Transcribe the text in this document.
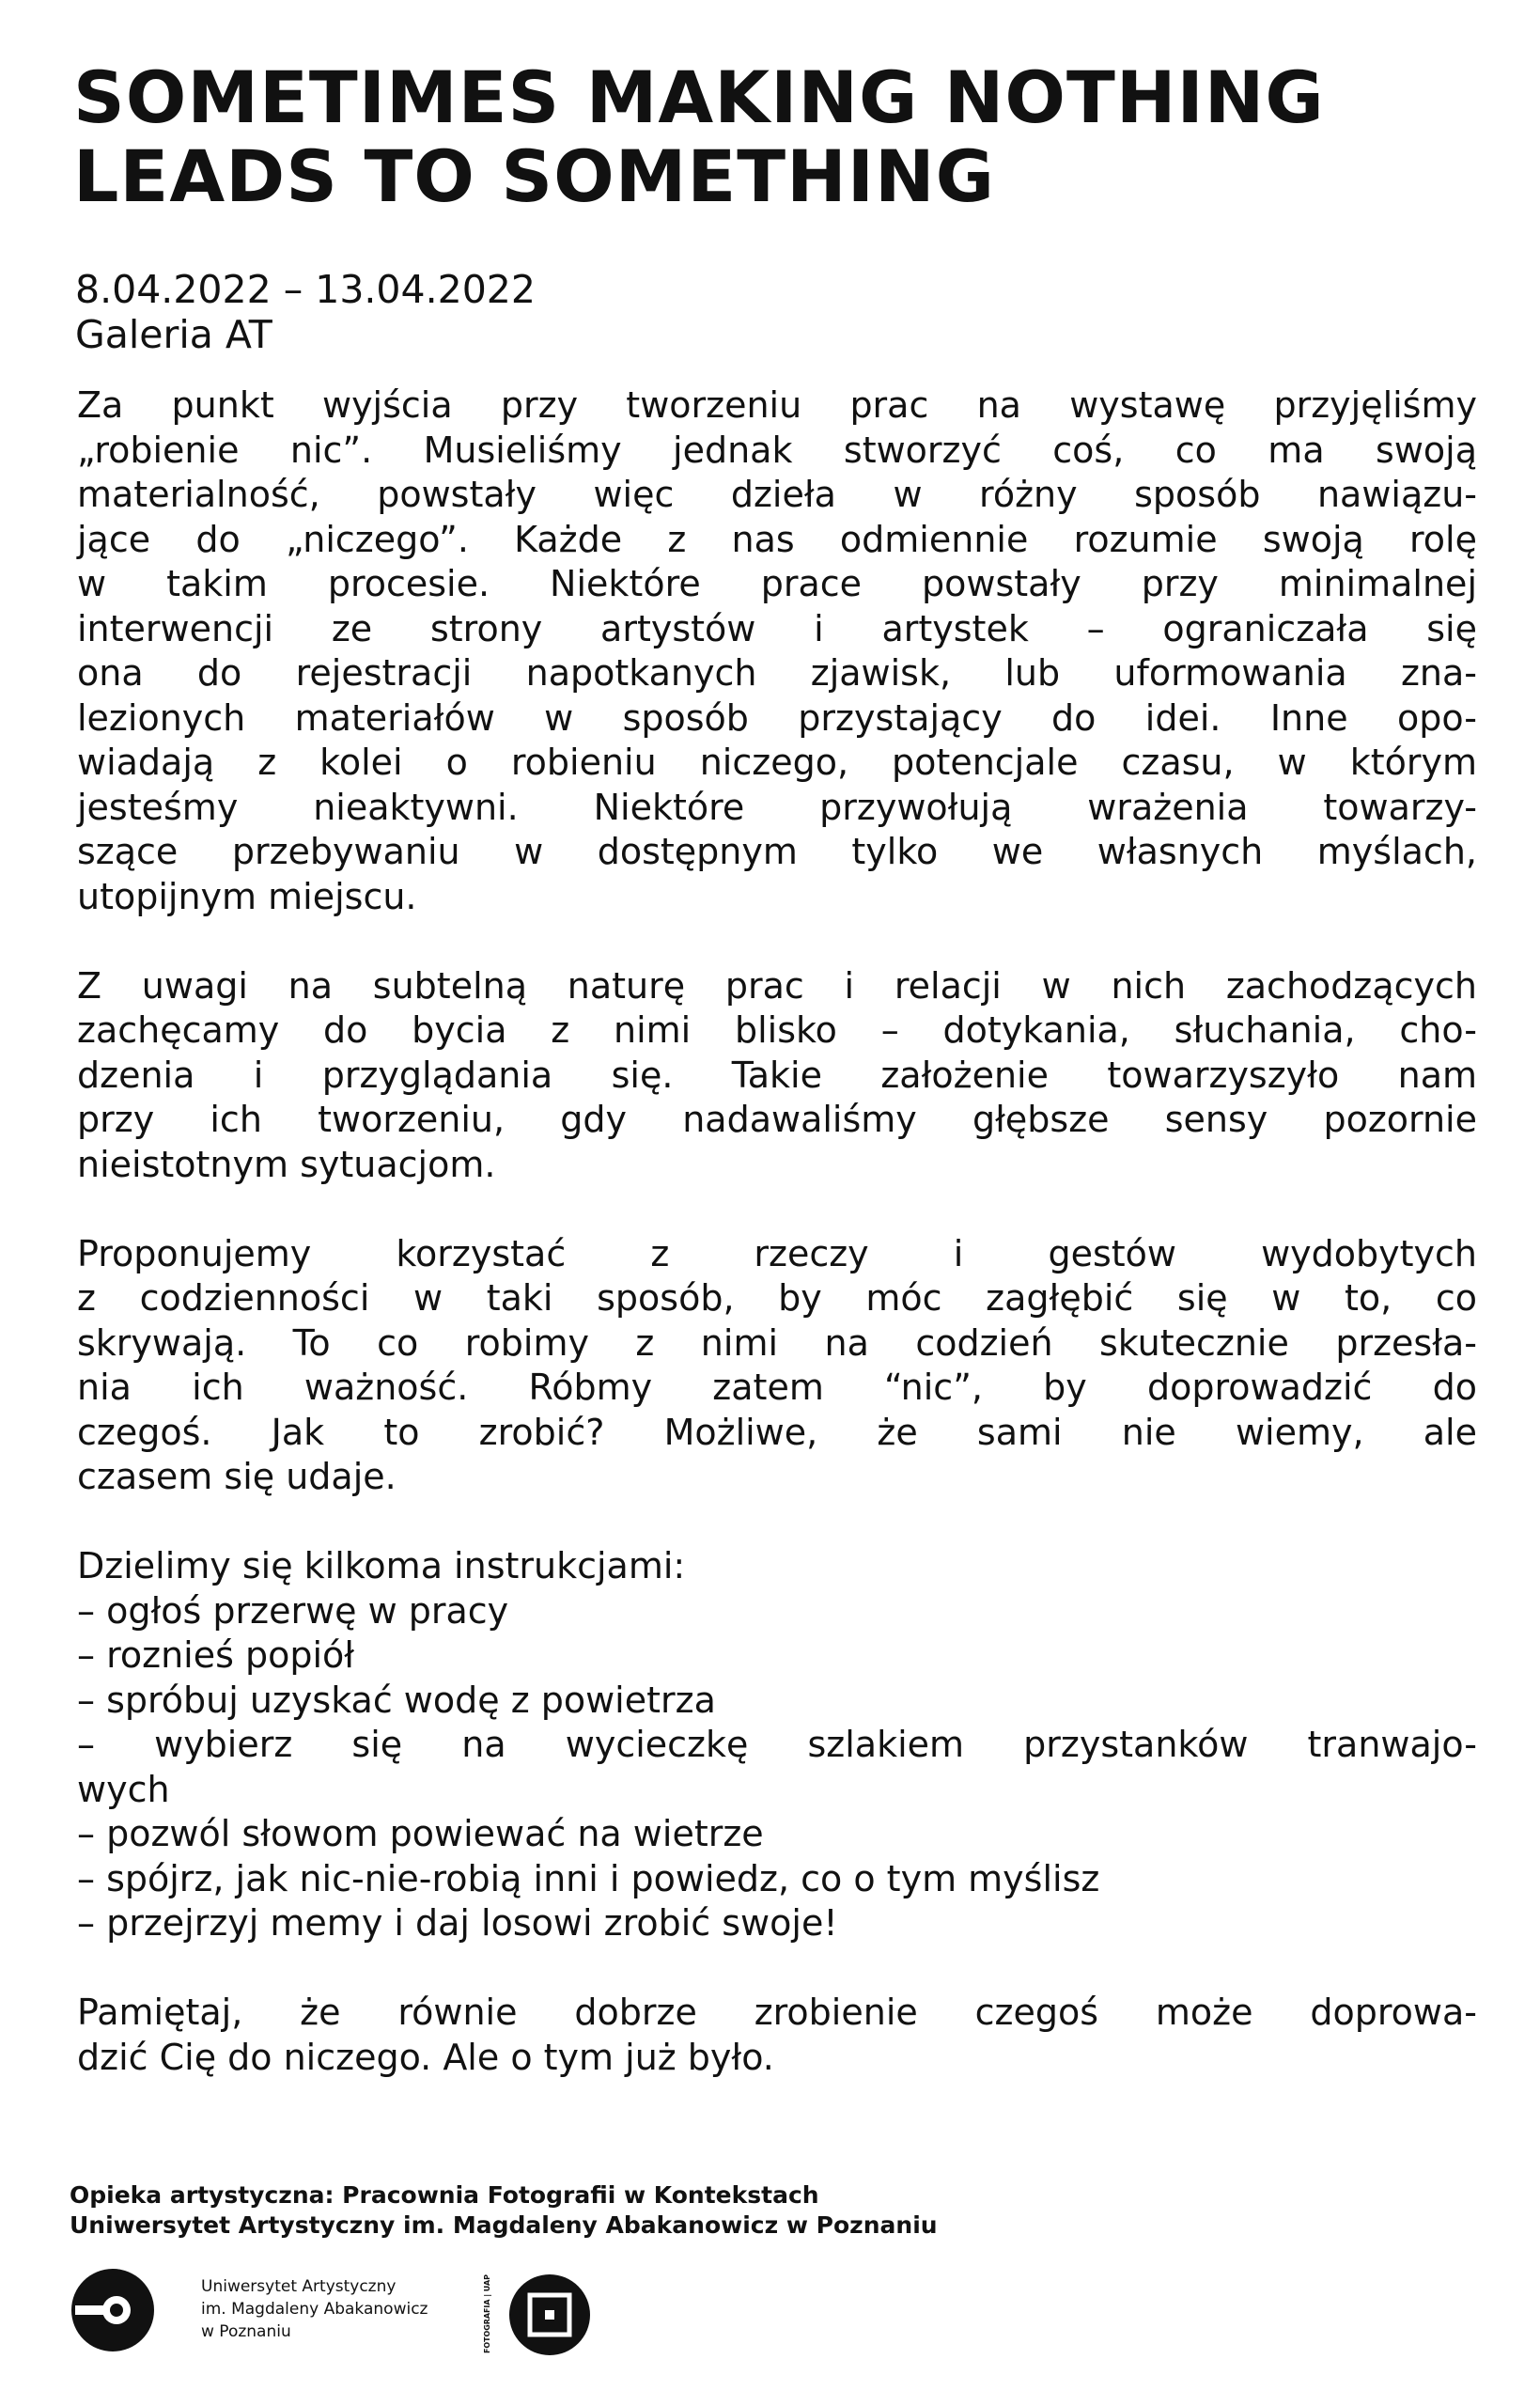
SOMETIMES MAKING NOTHING
LEADS TO SOMETHING
8.04.2022 – 13.04.2022
Galeria AT

Za punkt wyjścia przy tworzeniu prac na wystawę przyjęliśmy
„robienie nic”. Musieliśmy jednak stworzyć coś, co ma swoją
materialność, powstały więc dzieła w różny sposób nawiązu-
jące do „niczego”. Każde z nas odmiennie rozumie swoją rolę
w takim procesie. Niektóre prace powstały przy minimalnej
interwencji ze strony artystów i artystek – ograniczała się
ona do rejestracji napotkanych zjawisk, lub uformowania zna-
lezionych materiałów w sposób przystający do idei. Inne opo-
wiadają z kolei o robieniu niczego, potencjale czasu, w którym
jesteśmy nieaktywni. Niektóre przywołują wrażenia towarzy-
szące przebywaniu w dostępnym tylko we własnych myślach,
utopijnym miejscu.

Z uwagi na subtelną naturę prac i relacji w nich zachodzących
zachęcamy do bycia z nimi blisko – dotykania, słuchania, cho-
dzenia i przyglądania się. Takie założenie towarzyszyło nam
przy ich tworzeniu, gdy nadawaliśmy głębsze sensy pozornie
nieistotnym sytuacjom.

Proponujemy korzystać z rzeczy i gestów wydobytych
z codzienności w taki sposób, by móc zagłębić się w to, co
skrywają. To co robimy z nimi na codzień skutecznie przesła-
nia ich ważność. Róbmy zatem “nic”, by doprowadzić do
czegoś. Jak to zrobić? Możliwe, że sami nie wiemy, ale
czasem się udaje.

Dzielimy się kilkoma instrukcjami:
– ogłoś przerwę w pracy
– roznieś popiół
– spróbuj uzyskać wodę z powietrza
– wybierz się na wycieczkę szlakiem przystanków tranwajo-
wych
– pozwól słowom powiewać na wietrze
– spójrz, jak nic-nie-robią inni i powiedz, co o tym myślisz
– przejrzyj memy i daj losowi zrobić swoje!

Pamiętaj, że równie dobrze zrobienie czegoś może doprowa-
dzić Cię do niczego. Ale o tym już było.

Opieka artystyczna: Pracownia Fotografii w Kontekstach
Uniwersytet Artystyczny im. Magdaleny Abakanowicz w Poznaniu
Uniwersytet Artystyczny
im. Magdaleny Abakanowicz
w Poznaniu
FOTOGRAFIA | UAP
